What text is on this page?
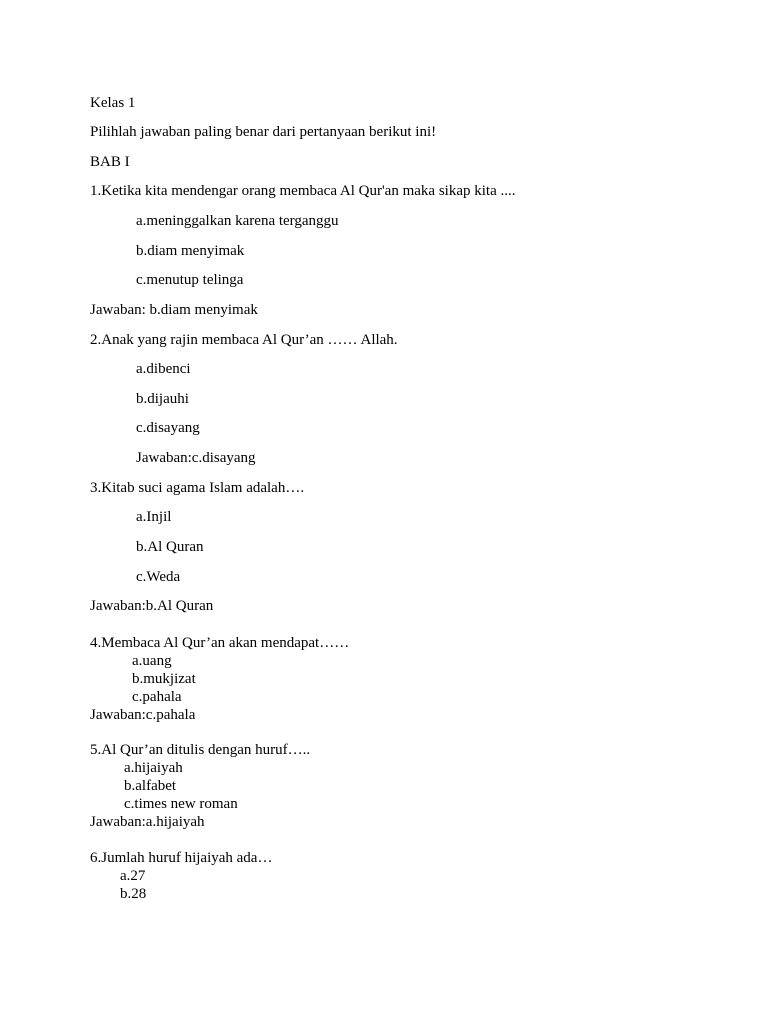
Kelas 1
Pilihlah jawaban paling benar dari pertanyaan berikut ini!
BAB I
1.Ketika kita mendengar orang membaca Al Qur'an maka sikap kita ....
a.meninggalkan karena terganggu
b.diam menyimak
c.menutup telinga
Jawaban: b.diam menyimak
2.Anak yang rajin membaca Al Qur’an …… Allah.
a.dibenci
b.dijauhi
c.disayang
Jawaban:c.disayang
3.Kitab suci agama Islam adalah….
a.Injil
b.Al Quran
c.Weda
Jawaban:b.Al Quran
4.Membaca Al Qur’an akan mendapat……
a.uang
b.mukjizat
c.pahala
Jawaban:c.pahala
5.Al Qur’an ditulis dengan huruf…..
a.hijaiyah
b.alfabet
c.times new roman
Jawaban:a.hijaiyah
6.Jumlah huruf hijaiyah ada…
a.27
b.28
